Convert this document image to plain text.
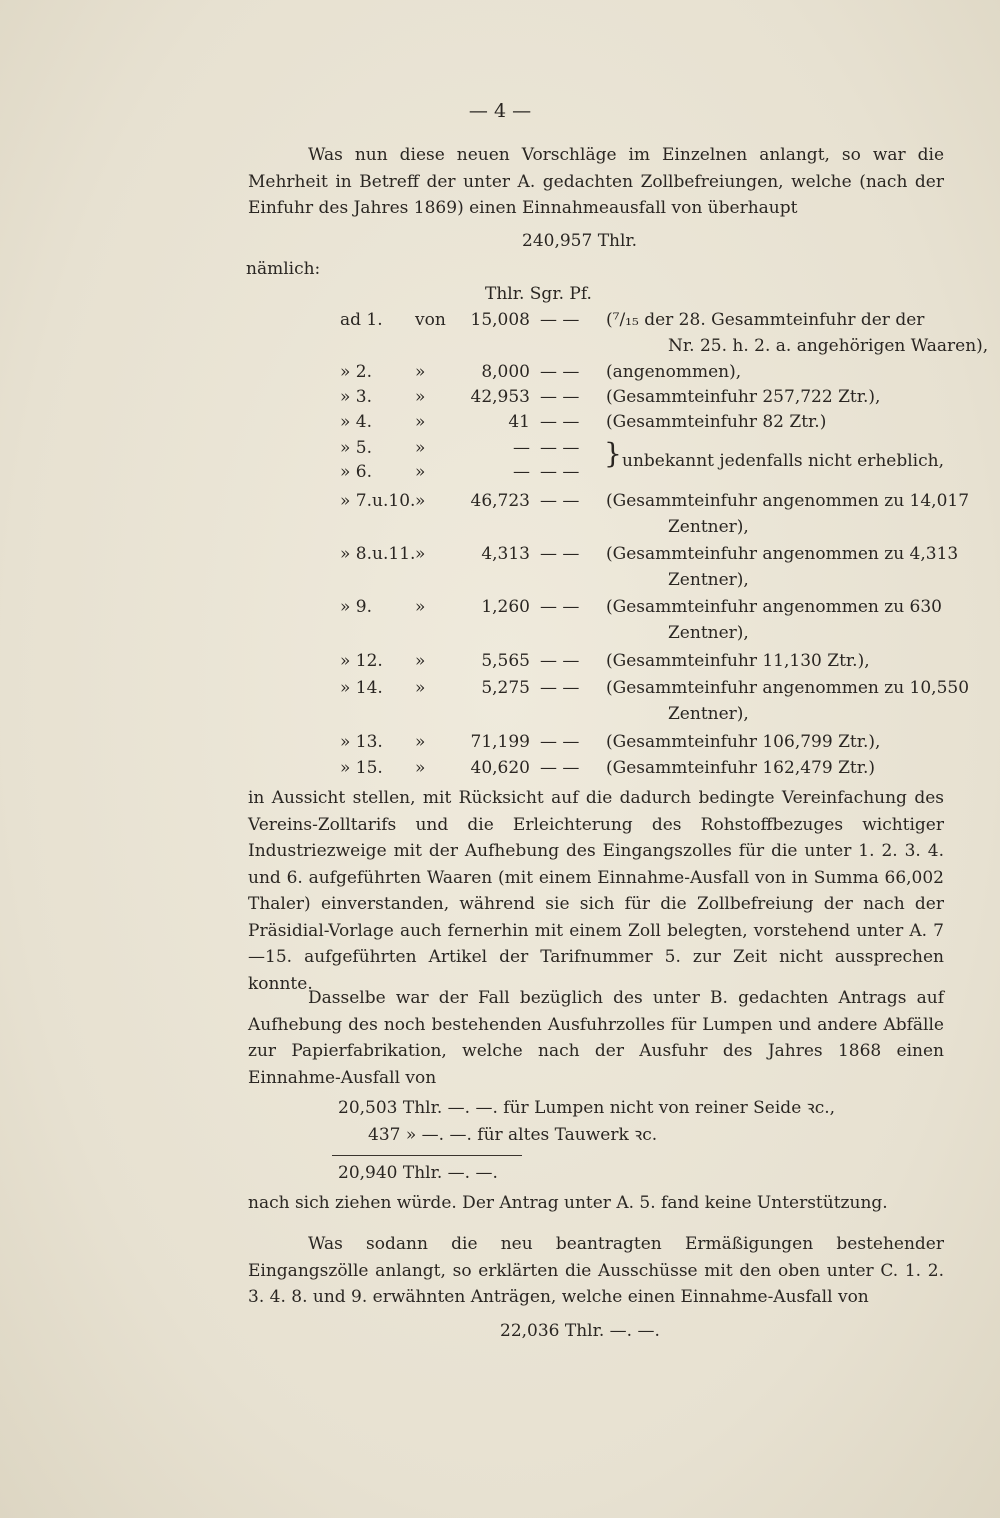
— 4 —

Was nun diese neuen Vorschläge im Einzelnen anlangt, so war die Mehrheit in Betreff der unter A. gedachten Zollbefreiungen, welche (nach der Einfuhr des Jahres 1869) einen Einnahmeausfall von überhaupt

240,957 Thlr.
nämlich:
Thlr. Sgr. Pf.
ad 1.	von	15,008 — — (⁷/₁₅ der 28. Gesammteinfuhr der der
Nr. 25. h. 2. a. angehörigen Waaren),
» 2.	»	8,000 — — (angenommen),
» 3.	»	42,953 — — (Gesammteinfuhr 257,722 Ztr.),
» 4.	»	41 — — (Gesammteinfuhr 82 Ztr.)
» 5.	»	— — —
» 6.	»	— — —
} unbekannt jedenfalls nicht erheblich,
» 7.u.10. »	46,723 — — (Gesammteinfuhr angenommen zu 14,017
Zentner),
» 8.u.11. »	4,313 — — (Gesammteinfuhr angenommen zu 4,313
Zentner),
» 9.	»	1,260 — — (Gesammteinfuhr angenommen zu 630
Zentner),
» 12.	»	5,565 — — (Gesammteinfuhr 11,130 Ztr.),
» 14.	»	5,275 — — (Gesammteinfuhr angenommen zu 10,550
Zentner),
» 13.	»	71,199 — — (Gesammteinfuhr 106,799 Ztr.),
» 15.	»	40,620 — — (Gesammteinfuhr 162,479 Ztr.)

in Aussicht stellen, mit Rücksicht auf die dadurch bedingte Vereinfachung des Vereins-Zolltarifs und die Erleichterung des Rohstoffbezuges wichtiger Industriezweige mit der Aufhebung des Eingangszolles für die unter 1. 2. 3. 4. und 6. aufgeführten Waaren (mit einem Einnahme-Ausfall von in Summa 66,002 Thaler) einverstanden, während sie sich für die Zollbefreiung der nach der Präsidial-Vorlage auch fernerhin mit einem Zoll belegten, vorstehend unter A. 7—15. aufgeführten Artikel der Tarifnummer 5. zur Zeit nicht aussprechen konnte.

Dasselbe war der Fall bezüglich des unter B. gedachten Antrags auf Aufhebung des noch bestehenden Ausfuhrzolles für Lumpen und andere Abfälle zur Papierfabrikation, welche nach der Ausfuhr des Jahres 1868 einen Einnahme-Ausfall von

20,503 Thlr. —. —. für Lumpen nicht von reiner Seide ꝛc.,
437 » —. —. für altes Tauwerk ꝛc.
20,940 Thlr. —. —.

nach sich ziehen würde. Der Antrag unter A. 5. fand keine Unterstützung.

Was sodann die neu beantragten Ermäßigungen bestehender Eingangszölle anlangt, so erklärten die Ausschüsse mit den oben unter C. 1. 2. 3. 4. 8. und 9. erwähnten Anträgen, welche einen Einnahme-Ausfall von

22,036 Thlr. —. —.
